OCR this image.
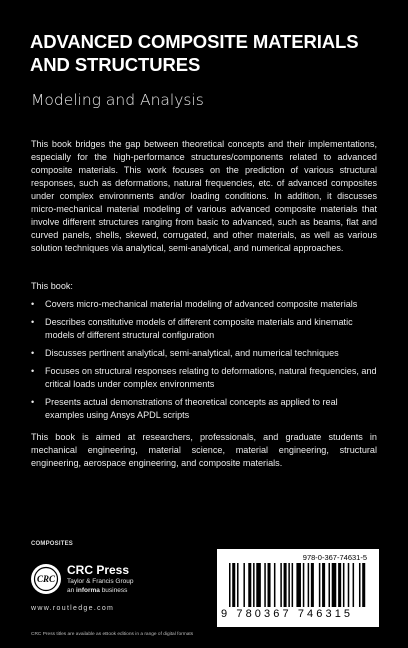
ADVANCED COMPOSITE MATERIALS
AND STRUCTURES

Modeling and Analysis

This book bridges the gap between theoretical concepts and their implementations, especially for the high-performance structures/components related to advanced composite materials. This work focuses on the prediction of various structural responses, such as deformations, natural frequencies, etc. of advanced composites under complex environments and/or loading conditions. In addition, it discusses micro-mechanical material modeling of various advanced composite materials that involve different structures ranging from basic to advanced, such as beams, flat and curved panels, shells, skewed, corrugated, and other materials, as well as various solution techniques via analytical, semi-analytical, and numerical approaches.

This book:

• Covers micro-mechanical material modeling of advanced composite materials
• Describes constitutive models of different composite materials and kinematic models of different structural configuration
• Discusses pertinent analytical, semi-analytical, and numerical techniques
• Focuses on structural responses relating to deformations, natural frequencies, and critical loads under complex environments
• Presents actual demonstrations of theoretical concepts as applied to real examples using Ansys APDL scripts

This book is aimed at researchers, professionals, and graduate students in mechanical engineering, material science, material engineering, structural engineering, aerospace engineering, and composite materials.

COMPOSITES
CRC
CRC Press
Taylor & Francis Group
an informa business
www.routledge.com
CRC Press titles are available as eBook editions in a range of digital formats
978-0-367-74631-5
9 780367 746315
